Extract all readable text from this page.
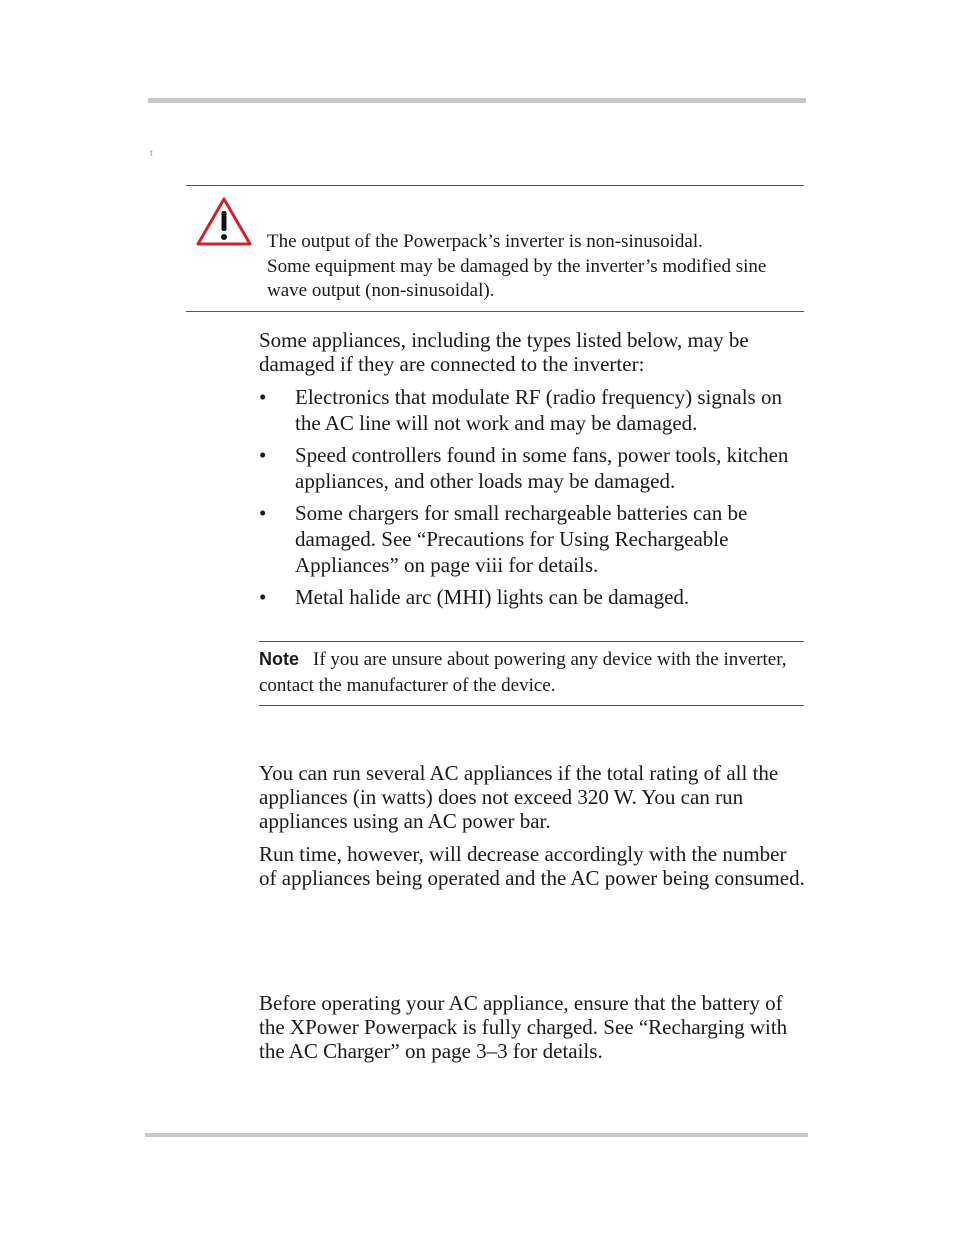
t
The output of the Powerpack’s inverter is non-sinusoidal.
Some equipment may be damaged by the inverter’s modified sine
wave output (non-sinusoidal).

Some appliances, including the types listed below, may be damaged if they are connected to the inverter:

• Electronics that modulate RF (radio frequency) signals on the AC line will not work and may be damaged.
• Speed controllers found in some fans, power tools, kitchen appliances, and other loads may be damaged.
• Some chargers for small rechargeable batteries can be damaged. See “Precautions for Using Rechargeable Appliances” on page viii for details.
• Metal halide arc (MHI) lights can be damaged.
Note If you are unsure about powering any device with the inverter, contact the manufacturer of the device.

You can run several AC appliances if the total rating of all the appliances (in watts) does not exceed 320 W. You can run appliances using an AC power bar.

Run time, however, will decrease accordingly with the number of appliances being operated and the AC power being consumed.

Before operating your AC appliance, ensure that the battery of the XPower Powerpack is fully charged. See “Recharging with the AC Charger” on page 3–3 for details.
